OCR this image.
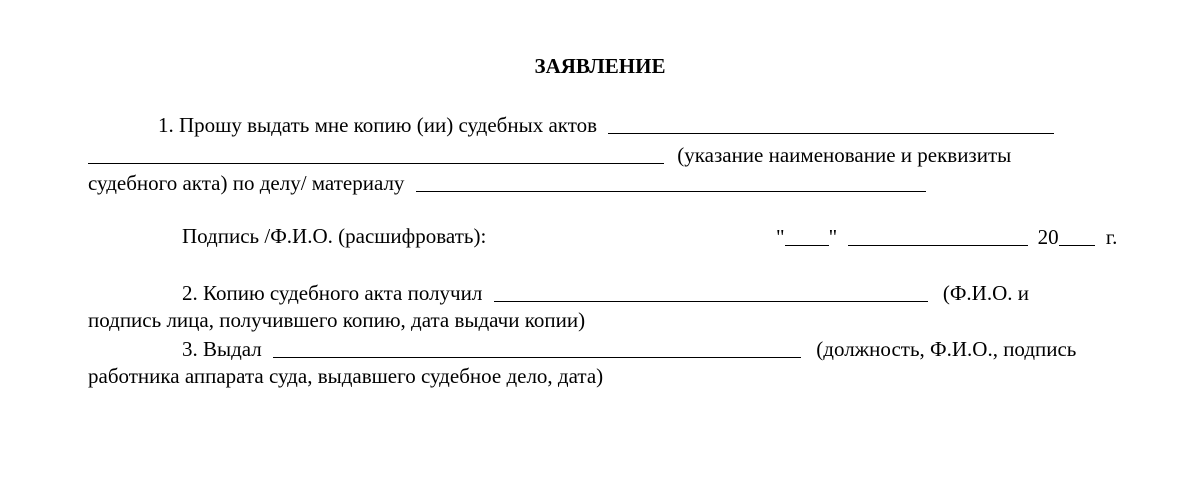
ЗАЯВЛЕНИЕ
1. Прошу выдать мне копию (ии) судебных актов
(указание наименование и реквизиты
судебного акта) по делу/ материалу
Подпись /Ф.И.О. (расшифровать):	" "	20 г.
2. Копию судебного акта получил	(Ф.И.О. и
подпись лица, получившего копию, дата выдачи копии)
3. Выдал	(должность, Ф.И.О., подпись
работника аппарата суда, выдавшего судебное дело, дата)
